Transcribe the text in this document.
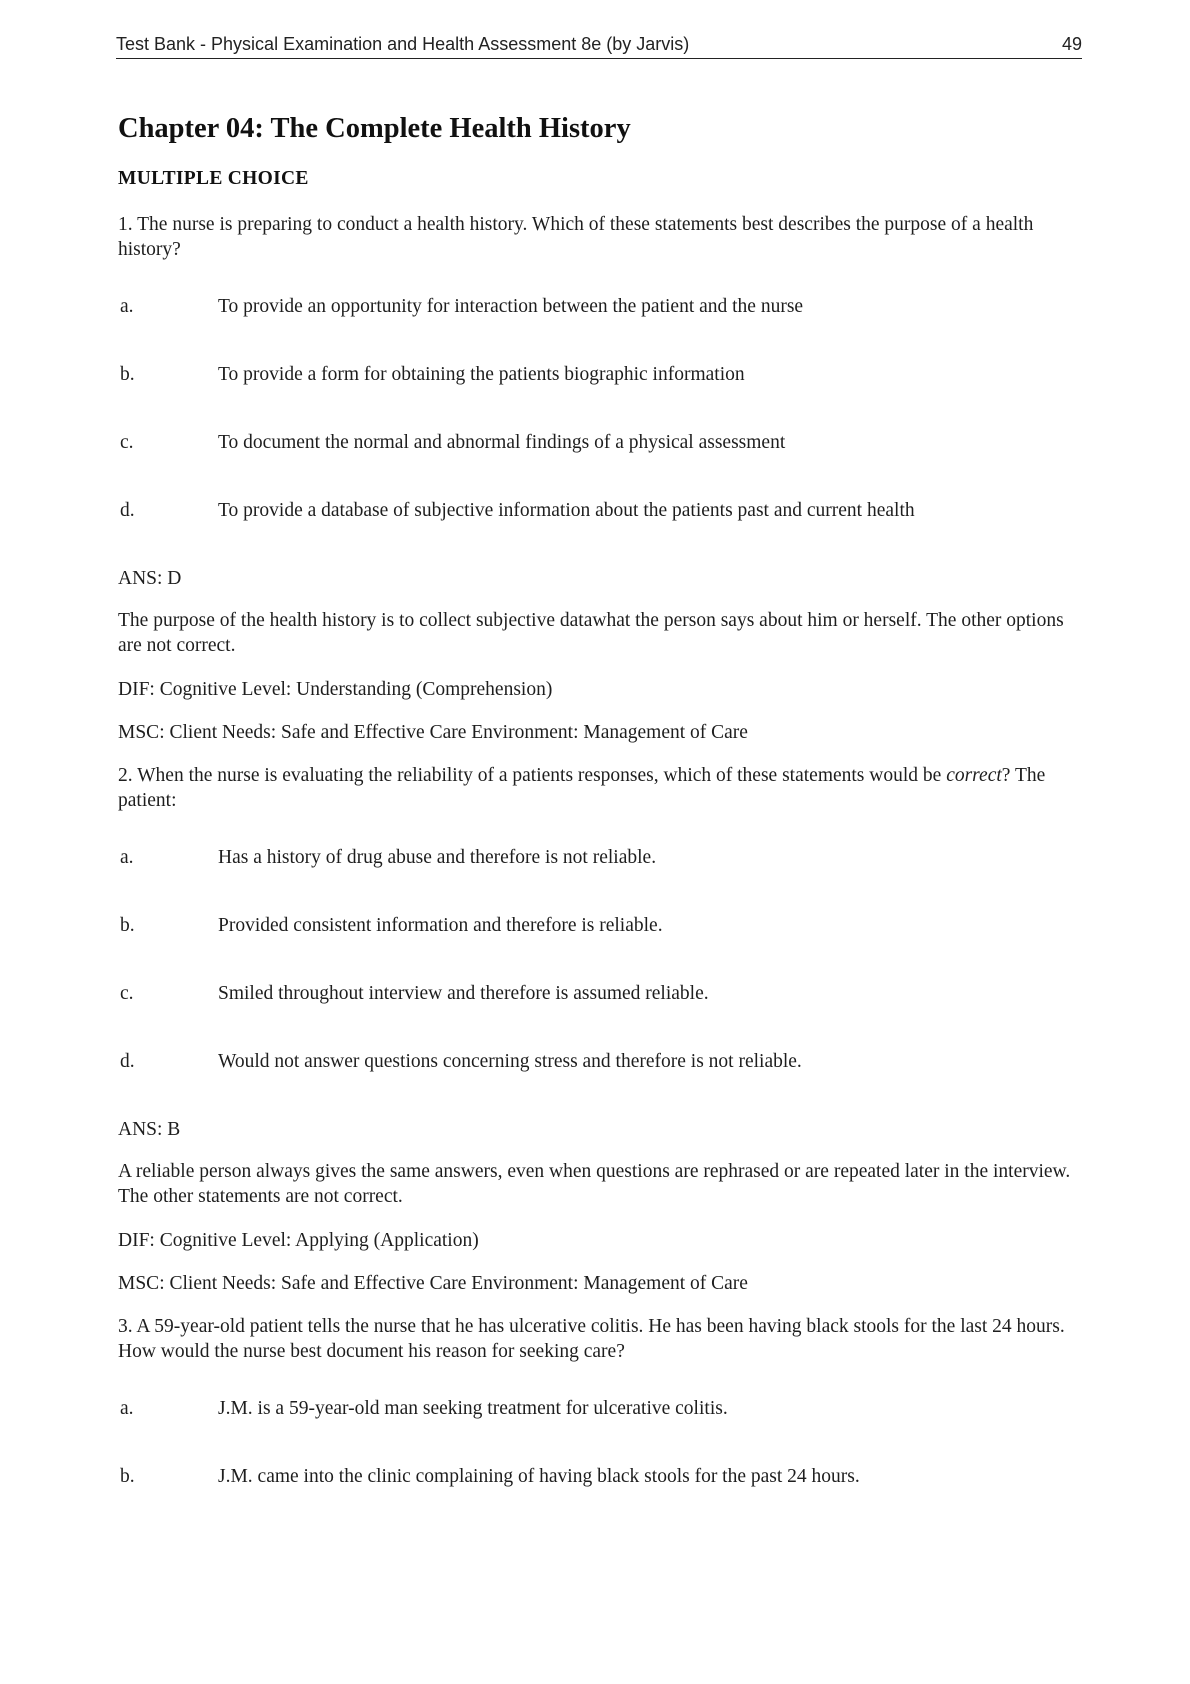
Test Bank - Physical Examination and Health Assessment 8e (by Jarvis)	49
Chapter 04: The Complete Health History
MULTIPLE CHOICE
1. The nurse is preparing to conduct a health history. Which of these statements best describes the purpose of a health history?
a.	To provide an opportunity for interaction between the patient and the nurse
b.	To provide a form for obtaining the patients biographic information
c.	To document the normal and abnormal findings of a physical assessment
d.	To provide a database of subjective information about the patients past and current health
ANS: D
The purpose of the health history is to collect subjective datawhat the person says about him or herself. The other options are not correct.
DIF: Cognitive Level: Understanding (Comprehension)
MSC: Client Needs: Safe and Effective Care Environment: Management of Care
2. When the nurse is evaluating the reliability of a patients responses, which of these statements would be correct? The patient:
a.	Has a history of drug abuse and therefore is not reliable.
b.	Provided consistent information and therefore is reliable.
c.	Smiled throughout interview and therefore is assumed reliable.
d.	Would not answer questions concerning stress and therefore is not reliable.
ANS: B
A reliable person always gives the same answers, even when questions are rephrased or are repeated later in the interview. The other statements are not correct.
DIF: Cognitive Level: Applying (Application)
MSC: Client Needs: Safe and Effective Care Environment: Management of Care
3. A 59-year-old patient tells the nurse that he has ulcerative colitis. He has been having black stools for the last 24 hours. How would the nurse best document his reason for seeking care?
a.	J.M. is a 59-year-old man seeking treatment for ulcerative colitis.
b.	J.M. came into the clinic complaining of having black stools for the past 24 hours.
